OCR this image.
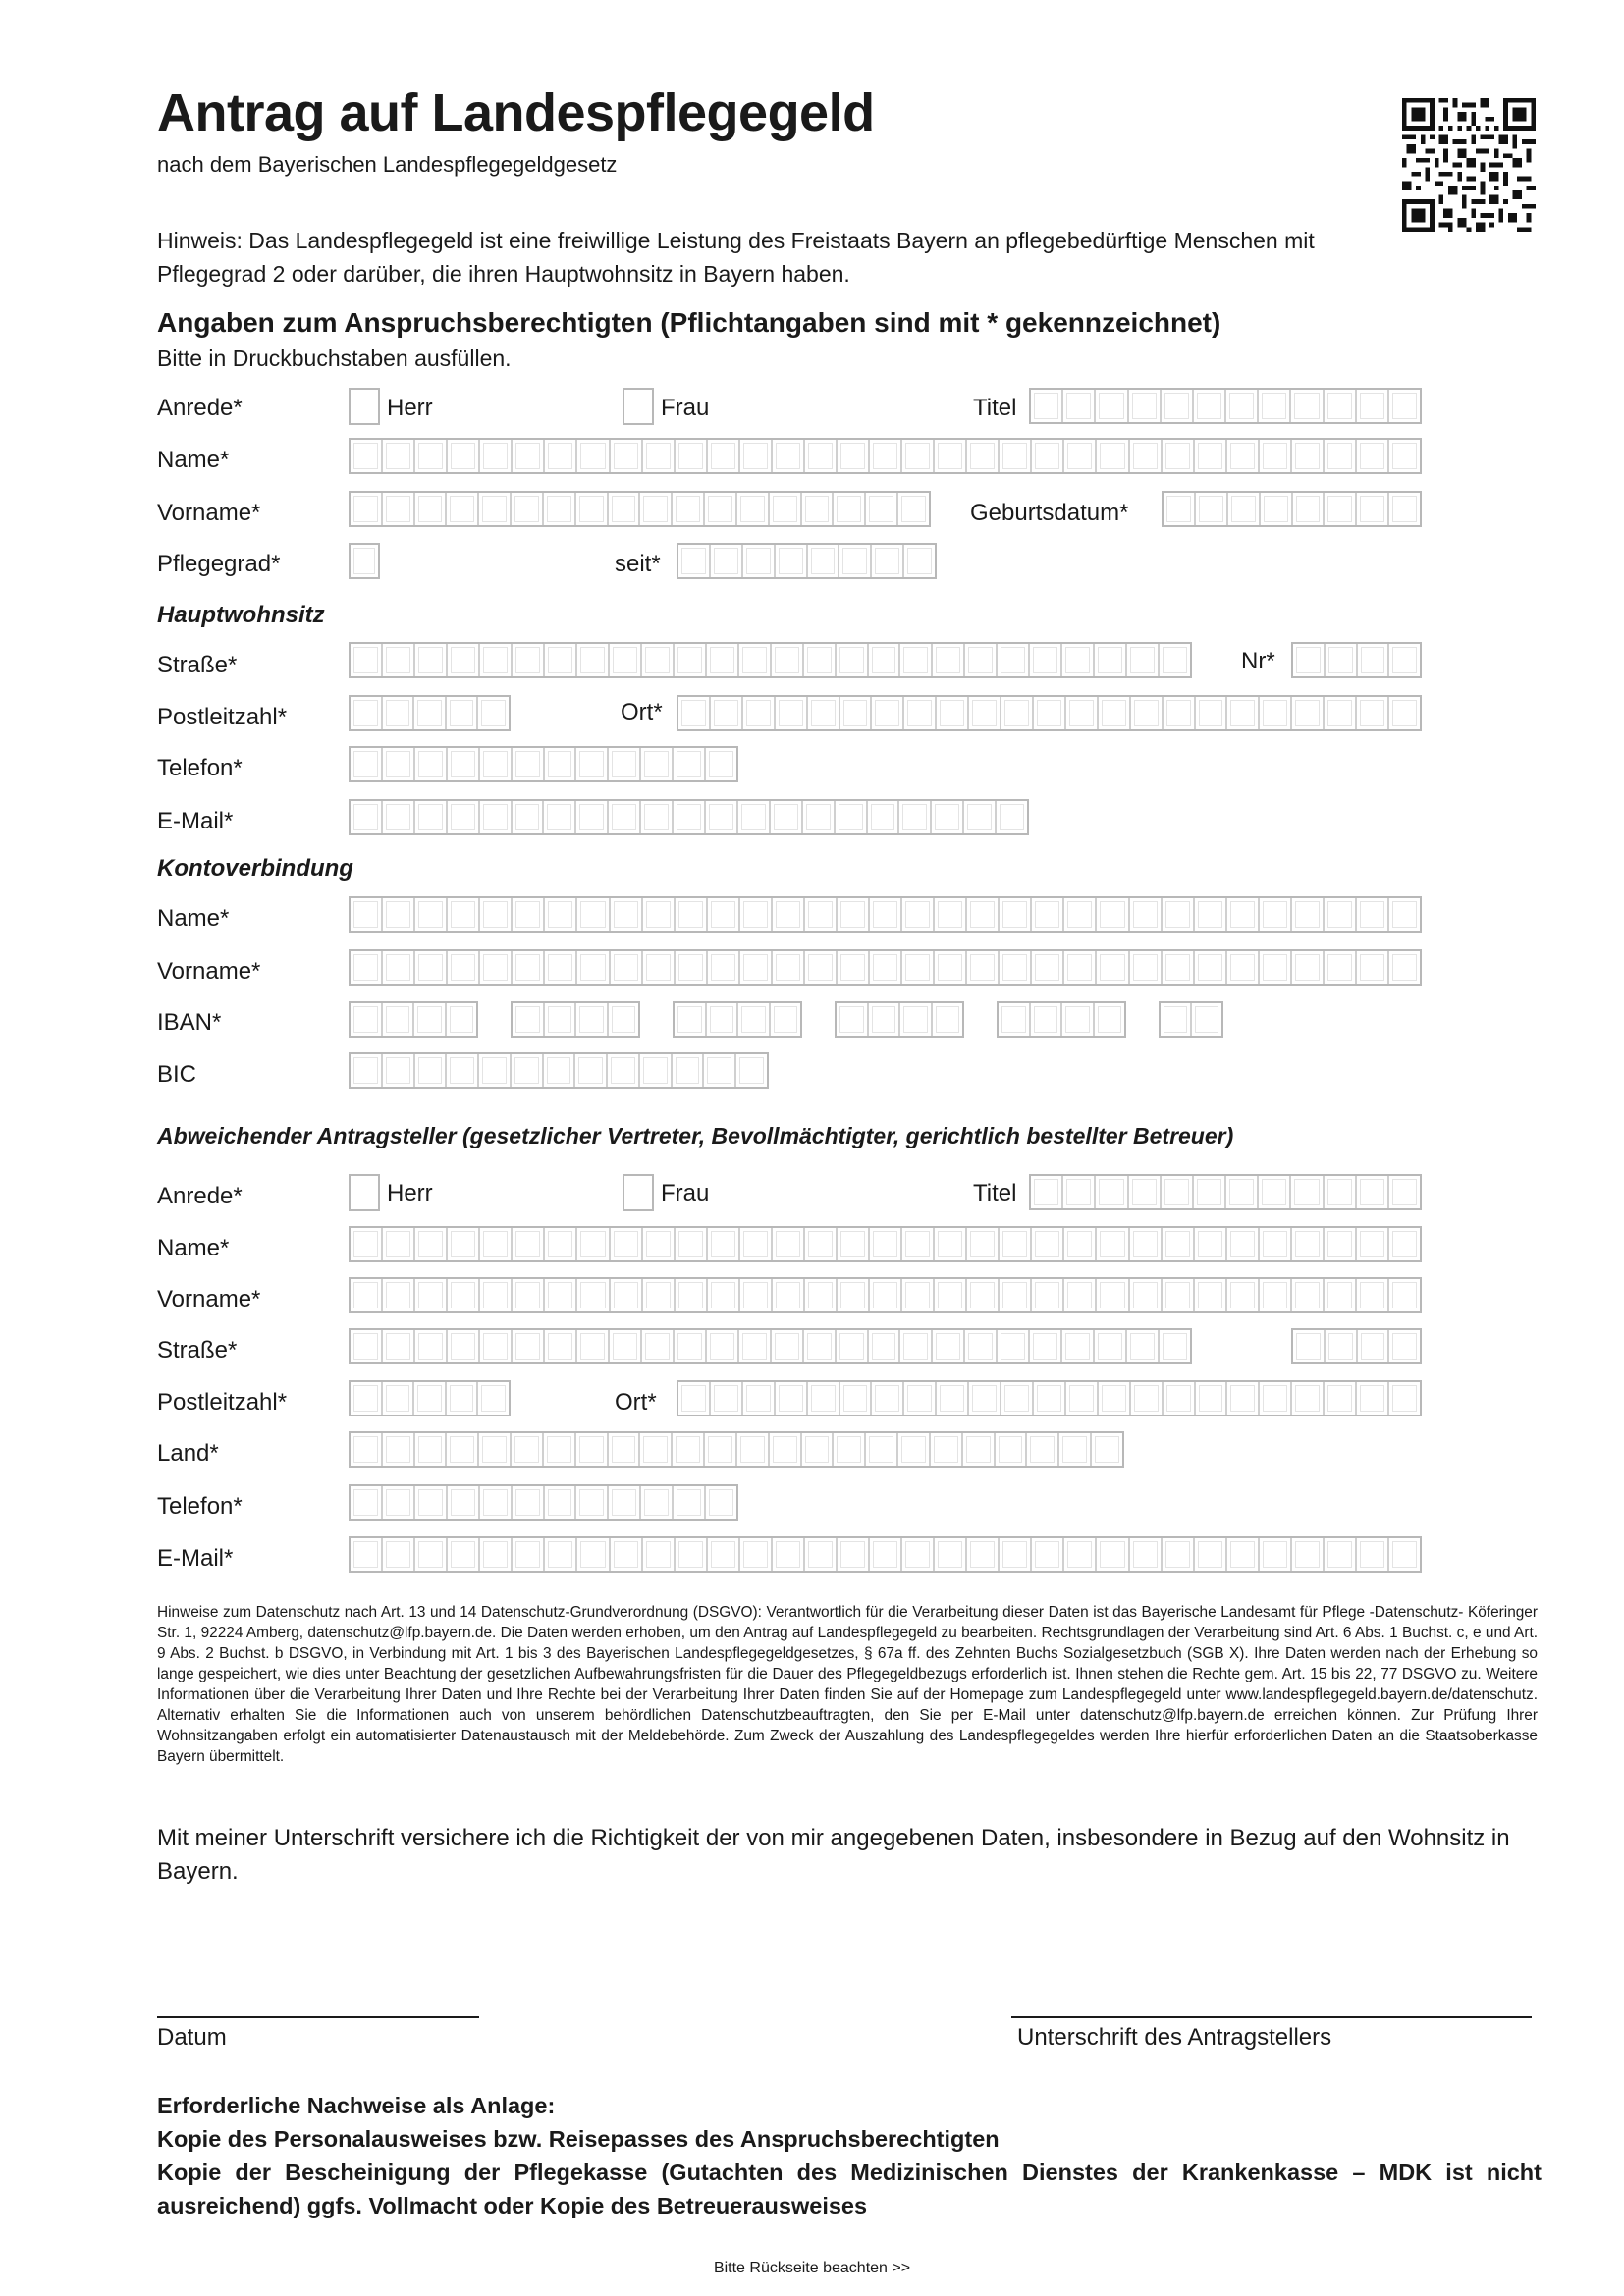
Antrag auf Landespflegegeld
nach dem Bayerischen Landespflegegeldgesetz
Hinweis: Das Landespflegegeld ist eine freiwillige Leistung des Freistaats Bayern an pflegebedürftige Menschen mit Pflegegrad 2 oder darüber, die ihren Hauptwohnsitz in Bayern haben.
Angaben zum Anspruchsberechtigten (Pflichtangaben sind mit * gekennzeichnet)
Bitte in Druckbuchstaben ausfüllen.
Anrede*	Herr	Frau	Titel
Name*
Vorname*	Geburtsdatum*
Pflegegrad*	seit*
Hauptwohnsitz
Straße*	Nr*
Postleitzahl*	Ort*
Telefon*
E-Mail*
Kontoverbindung
Name*
Vorname*
IBAN*
BIC
Abweichender Antragsteller (gesetzlicher Vertreter, Bevollmächtigter, gerichtlich bestellter Betreuer)
Anrede*	Herr	Frau	Titel
Name*
Vorname*
Straße*
Postleitzahl*	Ort*
Land*
Telefon*
E-Mail*
Hinweise zum Datenschutz nach Art. 13 und 14 Datenschutz-Grundverordnung (DSGVO): Verantwortlich für die Verarbeitung dieser Daten ist das Bayerische Landesamt für Pflege -Datenschutz- Köferinger Str. 1, 92224 Amberg, datenschutz@lfp.bayern.de. Die Daten werden erhoben, um den Antrag auf Landespflegegeld zu bearbeiten. Rechtsgrundlagen der Verarbeitung sind Art. 6 Abs. 1 Buchst. c, e und Art. 9 Abs. 2 Buchst. b DSGVO, in Verbindung mit Art. 1 bis 3 des Bayerischen Landespflegegeldgesetzes, § 67a ff. des Zehnten Buchs Sozialgesetzbuch (SGB X). Ihre Daten werden nach der Erhebung so lange gespeichert, wie dies unter Beachtung der gesetzlichen Aufbewahrungsfristen für die Dauer des Pflegegeldbezugs erforderlich ist. Ihnen stehen die Rechte gem. Art. 15 bis 22, 77 DSGVO zu. Weitere Informationen über die Verarbeitung Ihrer Daten und Ihre Rechte bei der Verarbeitung Ihrer Daten finden Sie auf der Homepage zum Landespflegegeld unter www.landespflegegeld.bayern.de/datenschutz. Alternativ erhalten Sie die Informationen auch von unserem behördlichen Datenschutzbeauftragten, den Sie per E-Mail unter datenschutz@lfp.bayern.de erreichen können. Zur Prüfung Ihrer Wohnsitzangaben erfolgt ein automatisierter Datenaustausch mit der Meldebehörde. Zum Zweck der Auszahlung des Landespflegegeldes werden Ihre hierfür erforderlichen Daten an die Staatsoberkasse Bayern übermittelt.
Mit meiner Unterschrift versichere ich die Richtigkeit der von mir angegebenen Daten, insbesondere in Bezug auf den Wohnsitz in Bayern.
Datum	Unterschrift des Antragstellers
Erforderliche Nachweise als Anlage:
Kopie des Personalausweises bzw. Reisepasses des Anspruchsberechtigten
Kopie der Bescheinigung der Pflegekasse (Gutachten des Medizinischen Dienstes der Krankenkasse – MDK ist nicht ausreichend) ggfs. Vollmacht oder Kopie des Betreuerausweises
Bitte Rückseite beachten >>
